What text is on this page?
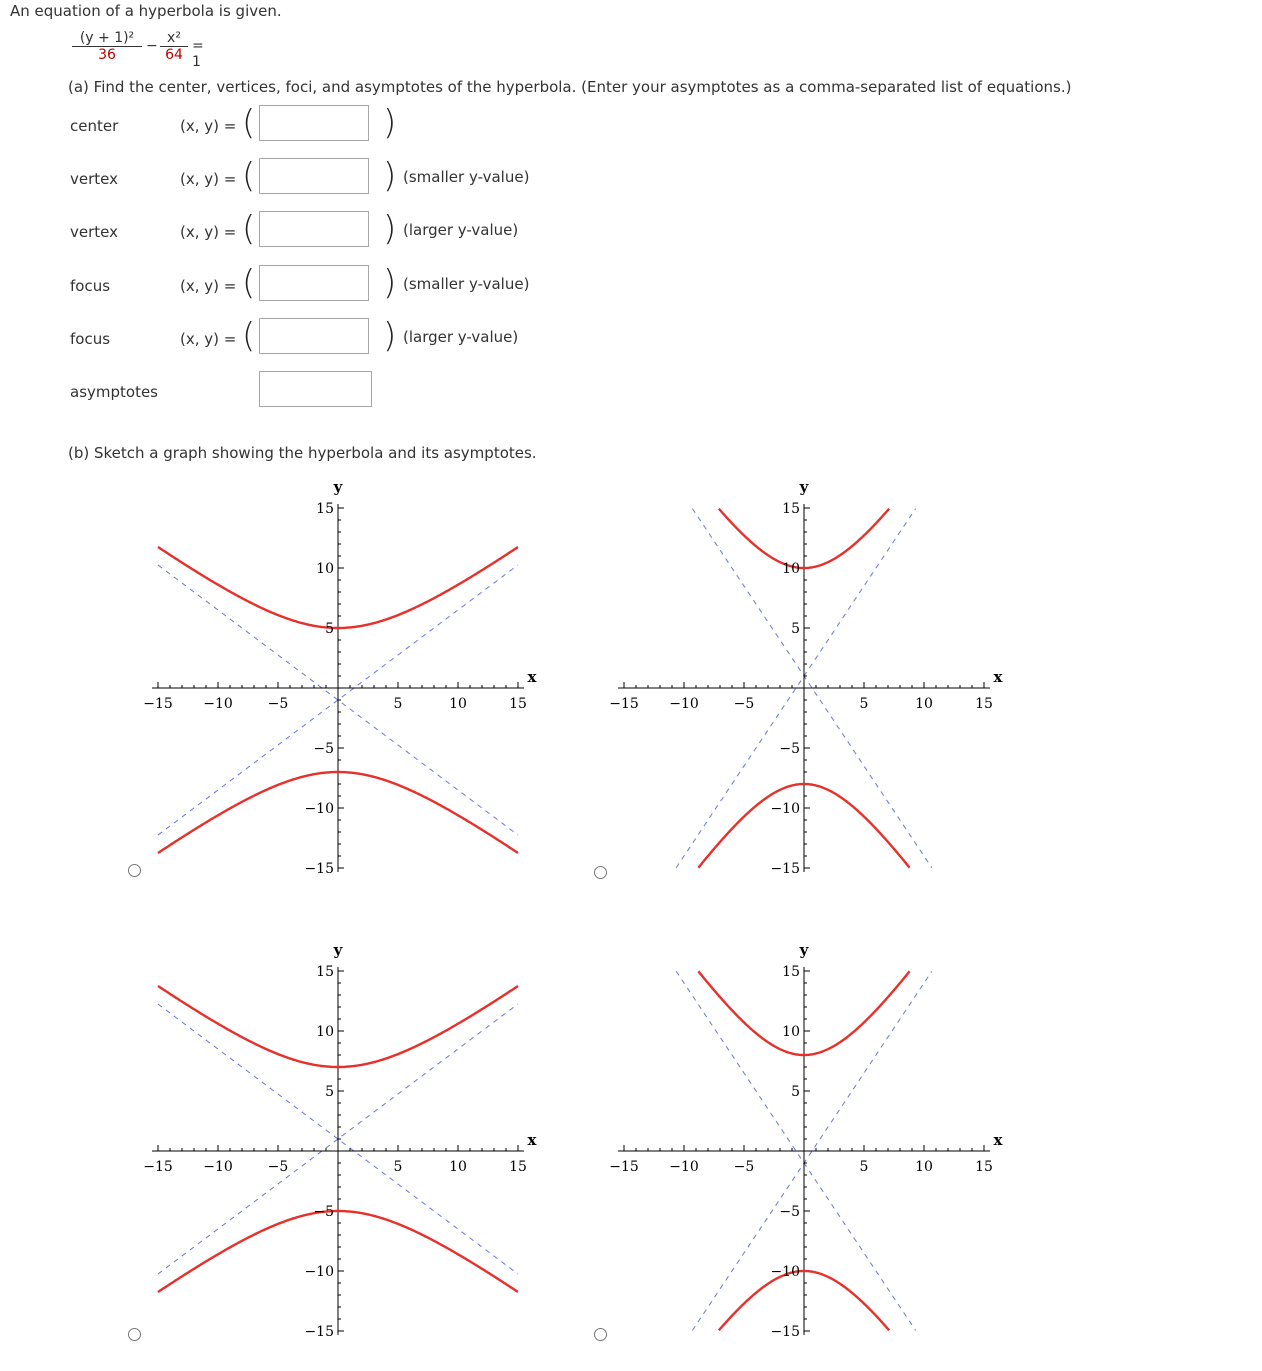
An equation of a hyperbola is given.
$\frac{\text{(y + 1)²}}{36} - \frac{\text{x²}}{64} = 1$
(a) Find the center, vertices, foci, and asymptotes of the hyperbola. (Enter your asymptotes as a comma-separated list of equations.)
center	(x, y) = (	)
vertex	(x, y) = (	) (smaller y-value)
vertex	(x, y) = (	) (larger y-value)
focus	(x, y) = (	) (smaller y-value)
focus	(x, y) = (	) (larger y-value)
asymptotes
(b) Sketch a graph showing the hyperbola and its asymptotes.
−15 −10 −5	5	10	15
15
10
5
−5
−10
−15
x
y
−15 −10 −5	5	10	15
15
10
5
−5
−10
−15
x
y
−15 −10 −5	5	10	15
15
10
5
−5
−10
−15
x
y
−15 −10 −5	5	10	15
15
10
5
−5
−10
−15
x
y
